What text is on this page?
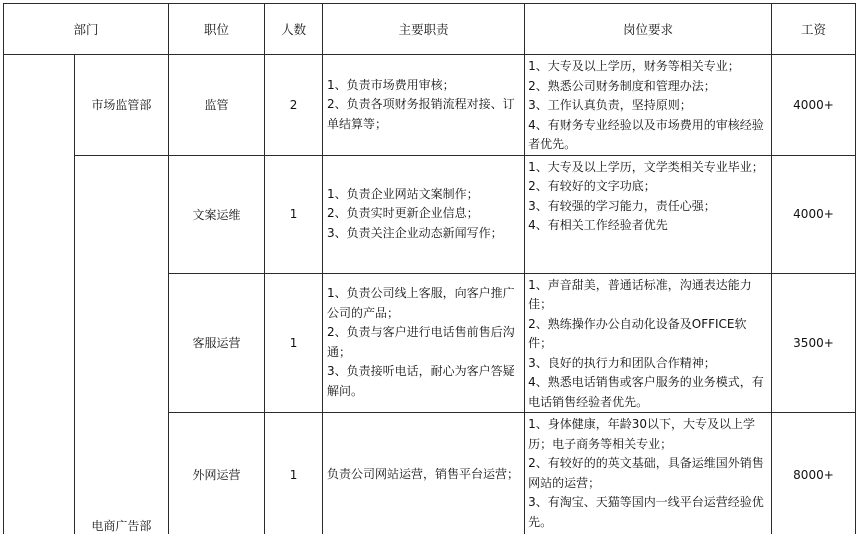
部门		职位	人数	主要职责	岗位要求	工资
	市场监管部	监管	2	1、负责市场费用审核；
2、负责各项财务报销流程对接、订单结算等；	1、大专及以上学历，财务等相关专业；
2、熟悉公司财务制度和管理办法；
3、工作认真负责，坚持原则；
4、有财务专业经验以及市场费用的审核经验者优先。	4000+
	电商广告部	文案运维	1	1、负责企业网站文案制作；
2、负责实时更新企业信息；
3、负责关注企业动态新闻写作；	1、大专及以上学历，文学类相关专业毕业；
2、有较好的文字功底；
3、有较强的学习能力，责任心强；
4、有相关工作经验者优先	4000+
		客服运营	1	1、负责公司线上客服，向客户推广公司的产品；
2、负责与客户进行电话售前售后沟通；
3、负责接听电话，耐心为客户答疑解问。	1、声音甜美，普通话标准，沟通表达能力佳；
2、熟练操作办公自动化设备及OFFICE软件；
3、良好的执行力和团队合作精神；
4、熟悉电话销售或客户服务的业务模式，有电话销售经验者优先。	3500+
		外网运营	1	负责公司网站运营，销售平台运营；	1、身体健康，年龄30以下，大专及以上学历；电子商务等相关专业；
2、有较好的的英文基础，具备运维国外销售网站的运营；
3、有淘宝、天猫等国内一线平台运营经验优先。	8000+
